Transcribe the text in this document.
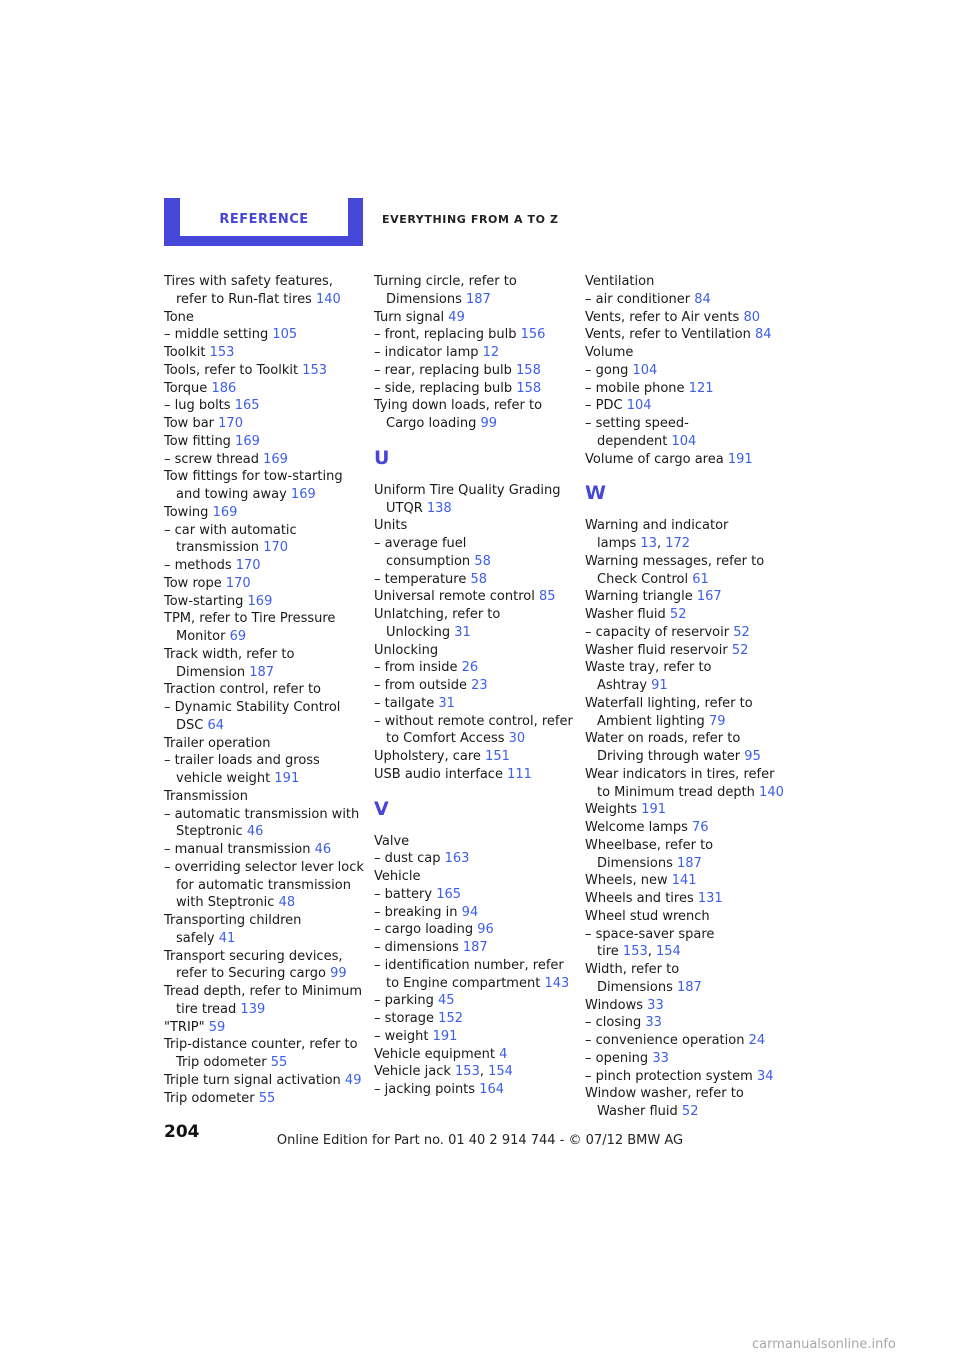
REFERENCE	EVERYTHING FROM A TO Z
Tires with safety features, refer to Run-flat tires 140
Tone
– middle setting 105
Toolkit 153
Tools, refer to Toolkit 153
Torque 186
– lug bolts 165
Tow bar 170
Tow fitting 169
– screw thread 169
Tow fittings for tow-starting and towing away 169
Towing 169
– car with automatic transmission 170
– methods 170
Tow rope 170
Tow-starting 169
TPM, refer to Tire Pressure Monitor 69
Track width, refer to Dimension 187
Traction control, refer to
– Dynamic Stability Control DSC 64
Trailer operation
– trailer loads and gross vehicle weight 191
Transmission
– automatic transmission with Steptronic 46
– manual transmission 46
– overriding selector lever lock for automatic transmission with Steptronic 48
Transporting children safely 41
Transport securing devices, refer to Securing cargo 99
Tread depth, refer to Minimum tire tread 139
"TRIP" 59
Trip-distance counter, refer to Trip odometer 55
Triple turn signal activation 49
Trip odometer 55
Turning circle, refer to Dimensions 187
Turn signal 49
– front, replacing bulb 156
– indicator lamp 12
– rear, replacing bulb 158
– side, replacing bulb 158
Tying down loads, refer to Cargo loading 99
U
Uniform Tire Quality Grading UTQR 138
Units
– average fuel consumption 58
– temperature 58
Universal remote control 85
Unlatching, refer to Unlocking 31
Unlocking
– from inside 26
– from outside 23
– tailgate 31
– without remote control, refer to Comfort Access 30
Upholstery, care 151
USB audio interface 111
V
Valve
– dust cap 163
Vehicle
– battery 165
– breaking in 94
– cargo loading 96
– dimensions 187
– identification number, refer to Engine compartment 143
– parking 45
– storage 152
– weight 191
Vehicle equipment 4
Vehicle jack 153, 154
– jacking points 164
Ventilation
– air conditioner 84
Vents, refer to Air vents 80
Vents, refer to Ventilation 84
Volume
– gong 104
– mobile phone 121
– PDC 104
– setting speed-dependent 104
Volume of cargo area 191
W
Warning and indicator lamps 13, 172
Warning messages, refer to Check Control 61
Warning triangle 167
Washer fluid 52
– capacity of reservoir 52
Washer fluid reservoir 52
Waste tray, refer to Ashtray 91
Waterfall lighting, refer to Ambient lighting 79
Water on roads, refer to Driving through water 95
Wear indicators in tires, refer to Minimum tread depth 140
Weights 191
Welcome lamps 76
Wheelbase, refer to Dimensions 187
Wheels, new 141
Wheels and tires 131
Wheel stud wrench
– space-saver spare tire 153, 154
Width, refer to Dimensions 187
Windows 33
– closing 33
– convenience operation 24
– opening 33
– pinch protection system 34
Window washer, refer to Washer fluid 52
204	Online Edition for Part no. 01 40 2 914 744 - © 07/12 BMW AG
carmanualsonline.info
